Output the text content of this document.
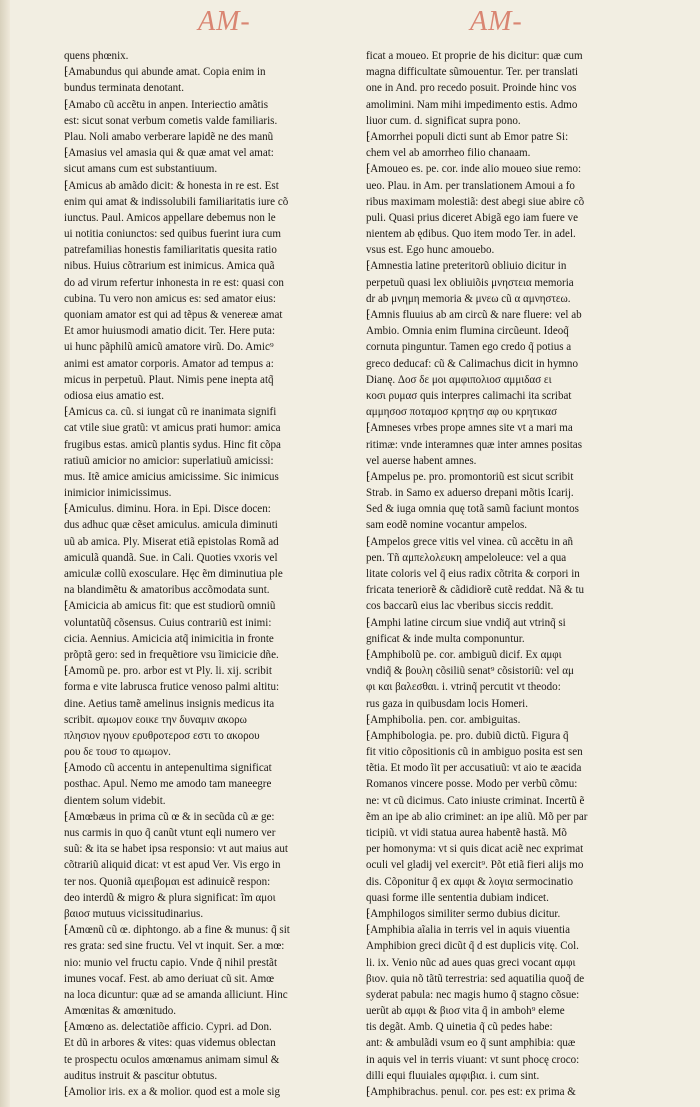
AM-	AM-
quens phœnix.
⁅Amabundus qui abunde amat. Copia enim in
bundus terminata denotant.
⁅Amabo cũ accẽtu in anpen. Interiectio amãtis
est: sicut sonat verbum cometis valde familiaris.
Plau. Noli amabo verberare lapidẽ ne des manũ
⁅Amasius vel amasia qui & quæ amat vel amat:
sicut amans cum est substantiuum.
⁅Amicus ab amãdo dicit: & honesta in re est. Est
enim qui amat & indissolubili familiaritatis iure cõ
iunctus. Paul. Amicos appellare debemus non le
ui notitia coniunctos: sed quibus fuerint iura cum
patrefamilias honestis familiaritatis quesita ratio
nibus. Huius cõtrarium est inimicus. Amica quã
do ad virum refertur inhonesta in re est: quasi con
cubina. Tu vero non amicus es: sed amator eius:
quoniam amator est qui ad tẽpus & venereæ amat
Et amor huiusmodi amatio dicit. Ter. Here puta:
ui hunc pãphilũ amicũ amatore virũ. Do. Amic⁹
animi est amator corporis. Amator ad tempus a:
micus in perpetuũ. Plaut. Nimis pene inepta atq̃
odiosa eius amatio est.
⁅Amicus ca. cũ. si iungat cũ re inanimata signifi
cat vtile siue gratũ: vt amicus prati humor: amica
frugibus estas. amicũ plantis sydus. Hinc fit cõpa
ratiuũ amicior no amicior: superlatiuũ amicissi:
mus. Itẽ amice amicius amicissime. Sic inimicus
inimicior inimicissimus.
⁅Amiculus. diminu. Hora. in Epi. Disce docen:
dus adhuc quæ cẽset amiculus. amicula diminuti
uũ ab amica. Ply. Miserat etiã epistolas Romã ad
amiculã quandã. Sue. in Cali. Quoties vxoris vel
amiculæ collũ exosculare. Hęc ẽm diminutiua ple
na blandimẽtu & amatoribus accõmodata sunt.
⁅Amicicia ab amicus fit: que est studiorũ omniũ
voluntatũq̃ cõsensus. Cuius contrariũ est inimi:
cicia. Aennius. Amicicia atq̃ inimicitia in fronte
prõptã gero: sed in frequẽtiore vsu ĩimicicie dñe.
⁅Amomũ pe. pro. arbor est vt Ply. li. xij. scribit
forma e vite labrusca frutice venoso palmi altitu:
dine. Aetius tamẽ amelinus insignis medicus ita
scribit. αμωμον εοικε την δυναμιν ακορω
πλησιον ηγουν ερυθροτεροσ εστι το ακορου
ρου δε τουσ το αμωμον.
⁅Amodo cũ accentu in antepenultima significat
posthac. Apul. Nemo me amodo tam maneegre
dientem solum videbit.
⁅Amœbæus in prima cũ œ & in secũda cũ æ ge:
nus carmis in quo q̃ canũt vtunt eqli numero ver
suũ: & ita se habet ipsa responsio: vt aut maius aut
cõtrariũ aliquid dicat: vt est apud Ver. Vis ergo in
ter nos. Quoniã αμειβομαι est adinuicẽ respon:
deo interdũ & migro & plura significat: ĩm αμοι
βαιοσ mutuus vicissitudinarius.
⁅Amœnũ cũ œ. diphtongo. ab a fine & munus: q̃ sit
res grata: sed sine fructu. Vel vt inquit. Ser. a mœ:
nio: munio vel fructu capio. Vnde q̃ nihil prestãt
imunes vocaf. Fest. ab amo deriuat cũ sit. Amœ
na loca dicuntur: quæ ad se amanda alliciunt. Hinc
Amœnitas & amœnitudo.
⁅Amœno as. delectatiõe afficio. Cypri. ad Don.
Et dũ in arbores & vites: quas videmus oblectan
te prospectu oculos amœnamus animam simul &
auditus instruit & pascitur obtutus.
⁅Amolior iris. ex a & molior. quod est a mole sig
ficat a moueo. Et proprie de his dicitur: quæ cum
magna difficultate sũmouentur. Ter. per translati
one in And. pro recedo posuit. Proinde hinc vos
amolimini. Nam mihi impedimento estis. Admo
liuor cum. d. significat supra pono.
⁅Amorrhei populi dicti sunt ab Emor patre Si:
chem vel ab amorrheo filio chanaam.
⁅Amoueo es. pe. cor. inde alio moueo siue remo:
ueo. Plau. in Am. per translationem Amoui a fo
ribus maximam molestiã: dest abegi siue abire cõ
puli. Quasi prius diceret Abigã ego iam fuere ve
nientem ab ędibus. Quo item modo Ter. in adel.
vsus est. Ego hunc amouebo.
⁅Amnestia latine preteritorũ obliuio dicitur in
perpetuũ quasi lex obliuiõis μνηστεια memoria
dr ab μνημη memoria & μνεω cũ α αμνηστεω.
⁅Amnis fluuius ab am circũ & nare fluere: vel ab
Ambio. Omnia enim flumina circũeunt. Ideoq̃
cornuta pinguntur. Tamen ego credo q̃ potius a
greco deducaf: cũ & Calimachus dicit in hymno
Dianę. Δοσ δε μοι αμφιπολιοσ αμμιδασ ει
κοσι ρυμασ quis interpres calimachi ita scribat
αμμησοσ ποταμοσ κρητησ αφ ου κρητικασ
⁅Amneses vrbes prope amnes site vt a mari ma
ritimæ: vnde interamnes quæ inter amnes positas
vel auerse habent amnes.
⁅Ampelus pe. pro. promontoriũ est sicut scribit
Strab. in Samo ex aduerso drepani mõtis Icarij.
Sed & iuga omnia quę totã samũ faciunt montos
sam eodẽ nomine vocantur ampelos.
⁅Ampelos grece vitis vel vinea. cũ accẽtu in añ
pen. Tñ αμπελολευκη ampeloleuce: vel a qua
litate coloris vel q̃ eius radix cõtrita & corpori in
fricata teneriorẽ & cãdidiorẽ cutẽ reddat. Nã & tu
cos baccarũ eius lac vberibus siccis reddit.
⁅Amphi latine circum siue vndiq̃ aut vtrinq̃ si
gnificat & inde multa componuntur.
⁅Amphibolũ pe. cor. ambiguũ dicif. Ex αμφι
vndiq̃ & βουλη cõsiliũ senat⁹ cõsistoriũ: vel αμ
φι και βαλεσθαι. i. vtrinq̃ percutit vt theodo:
rus gaza in quibusdam locis Homeri.
⁅Amphibolia. pen. cor. ambiguitas.
⁅Amphibologia. pe. pro. dubiũ dictũ. Figura q̃
fit vitio cõpositionis cũ in ambiguo posita est sen
tẽtia. Et modo ĩit per accusatiuũ: vt aio te æacida
Romanos vincere posse. Modo per verbũ cõmu:
ne: vt cũ dicimus. Cato iniuste criminat. Incertũ ẽ
ẽm an ipe ab alio criminet: an ipe aliũ. Mõ per par
ticipiũ. vt vidi statua aurea habentẽ hastã. Mõ
per homonyma: vt si quis dicat aciẽ nec exprimat
oculi vel gladij vel exercit⁹. Põt etiã fieri alijs mo
dis. Cõponitur q̃ ex αμφι & λογια sermocinatio
quasi forme ille sententia dubiam indicet.
⁅Amphilogos similiter sermo dubius dicitur.
⁅Amphibia aĩalia in terris vel in aquis viuentia
Amphibion greci dicũt q̃ d est duplicis vitę. Col.
li. ix. Venio nũc ad aues quas greci vocant αμφι
βιον. quia nõ tãtũ terrestria: sed aquatilia quoq̃ de
syderat pabula: nec magis humo q̃ stagno cõsue:
uerũt ab αμφι & βιοσ vita q̃ in amboh⁹ eleme
tis degãt. Amb. Q uinetia q̃ cũ pedes habe:
ant: & ambulãdi vsum eo q̃ sunt amphibia: quæ
in aquis vel in terris viuant: vt sunt phocę croco:
dilli equi fluuiales αμφιβια. i. cum sint.
⁅Amphibrachus. penul. cor. pes est: ex prima &
